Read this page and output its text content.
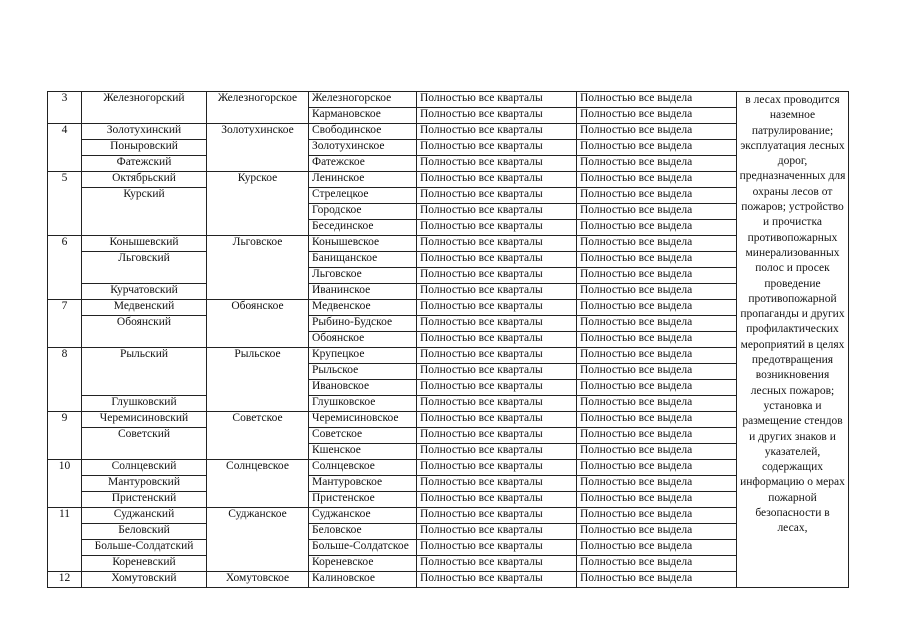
3	Железногорский	Железногорское	Железногорское	Полностью все кварталы	Полностью все выдела	в лесах проводится наземное патрулирование; эксплуатация лесных дорог, предназначенных для охраны лесов от пожаров; устройство и прочистка противопожарных минерализованных полос и просек проведение противопожарной пропаганды и других профилактических мероприятий в целях предотвращения возникновения лесных пожаров; установка и размещение стендов и других знаков и указателей, содержащих информацию о мерах пожарной безопасности в лесах,
			Кармановское	Полностью все кварталы	Полностью все выдела	
4	Золотухинский	Золотухинское	Свободинское	Полностью все кварталы	Полностью все выдела	
	Поныровский		Золотухинское	Полностью все кварталы	Полностью все выдела	
	Фатежский		Фатежское	Полностью все кварталы	Полностью все выдела	
5	Октябрьский	Курское	Ленинское	Полностью все кварталы	Полностью все выдела	
	Курский		Стрелецкое	Полностью все кварталы	Полностью все выдела	
			Городское	Полностью все кварталы	Полностью все выдела	
			Бесединское	Полностью все кварталы	Полностью все выдела	
6	Конышевский	Льговское	Конышевское	Полностью все кварталы	Полностью все выдела	
	Льговский		Банищанское	Полностью все кварталы	Полностью все выдела	
			Льговское	Полностью все кварталы	Полностью все выдела	
	Курчатовский		Иванинское	Полностью все кварталы	Полностью все выдела	
7	Медвенский	Обоянское	Медвенское	Полностью все кварталы	Полностью все выдела	
	Обоянский		Рыбино-Будское	Полностью все кварталы	Полностью все выдела	
			Обоянское	Полностью все кварталы	Полностью все выдела	
8	Рыльский	Рыльское	Крупецкое	Полностью все кварталы	Полностью все выдела	
			Рыльское	Полностью все кварталы	Полностью все выдела	
			Ивановское	Полностью все кварталы	Полностью все выдела	
	Глушковский		Глушковское	Полностью все кварталы	Полностью все выдела	
9	Черемисиновский	Советское	Черемисиновское	Полностью все кварталы	Полностью все выдела	
	Советский		Советское	Полностью все кварталы	Полностью все выдела	
			Кшенское	Полностью все кварталы	Полностью все выдела	
10	Солнцевский	Солнцевское	Солнцевское	Полностью все кварталы	Полностью все выдела	
	Мантуровский		Мантуровское	Полностью все кварталы	Полностью все выдела	
	Пристенский		Пристенское	Полностью все кварталы	Полностью все выдела	
11	Суджанский	Суджанское	Суджанское	Полностью все кварталы	Полностью все выдела	
	Беловский		Беловское	Полностью все кварталы	Полностью все выдела	
	Больше-Солдатский		Больше-Солдатское	Полностью все кварталы	Полностью все выдела	
	Кореневский		Кореневское	Полностью все кварталы	Полностью все выдела	
12	Хомутовский	Хомутовское	Калиновское	Полностью все кварталы	Полностью все выдела	
